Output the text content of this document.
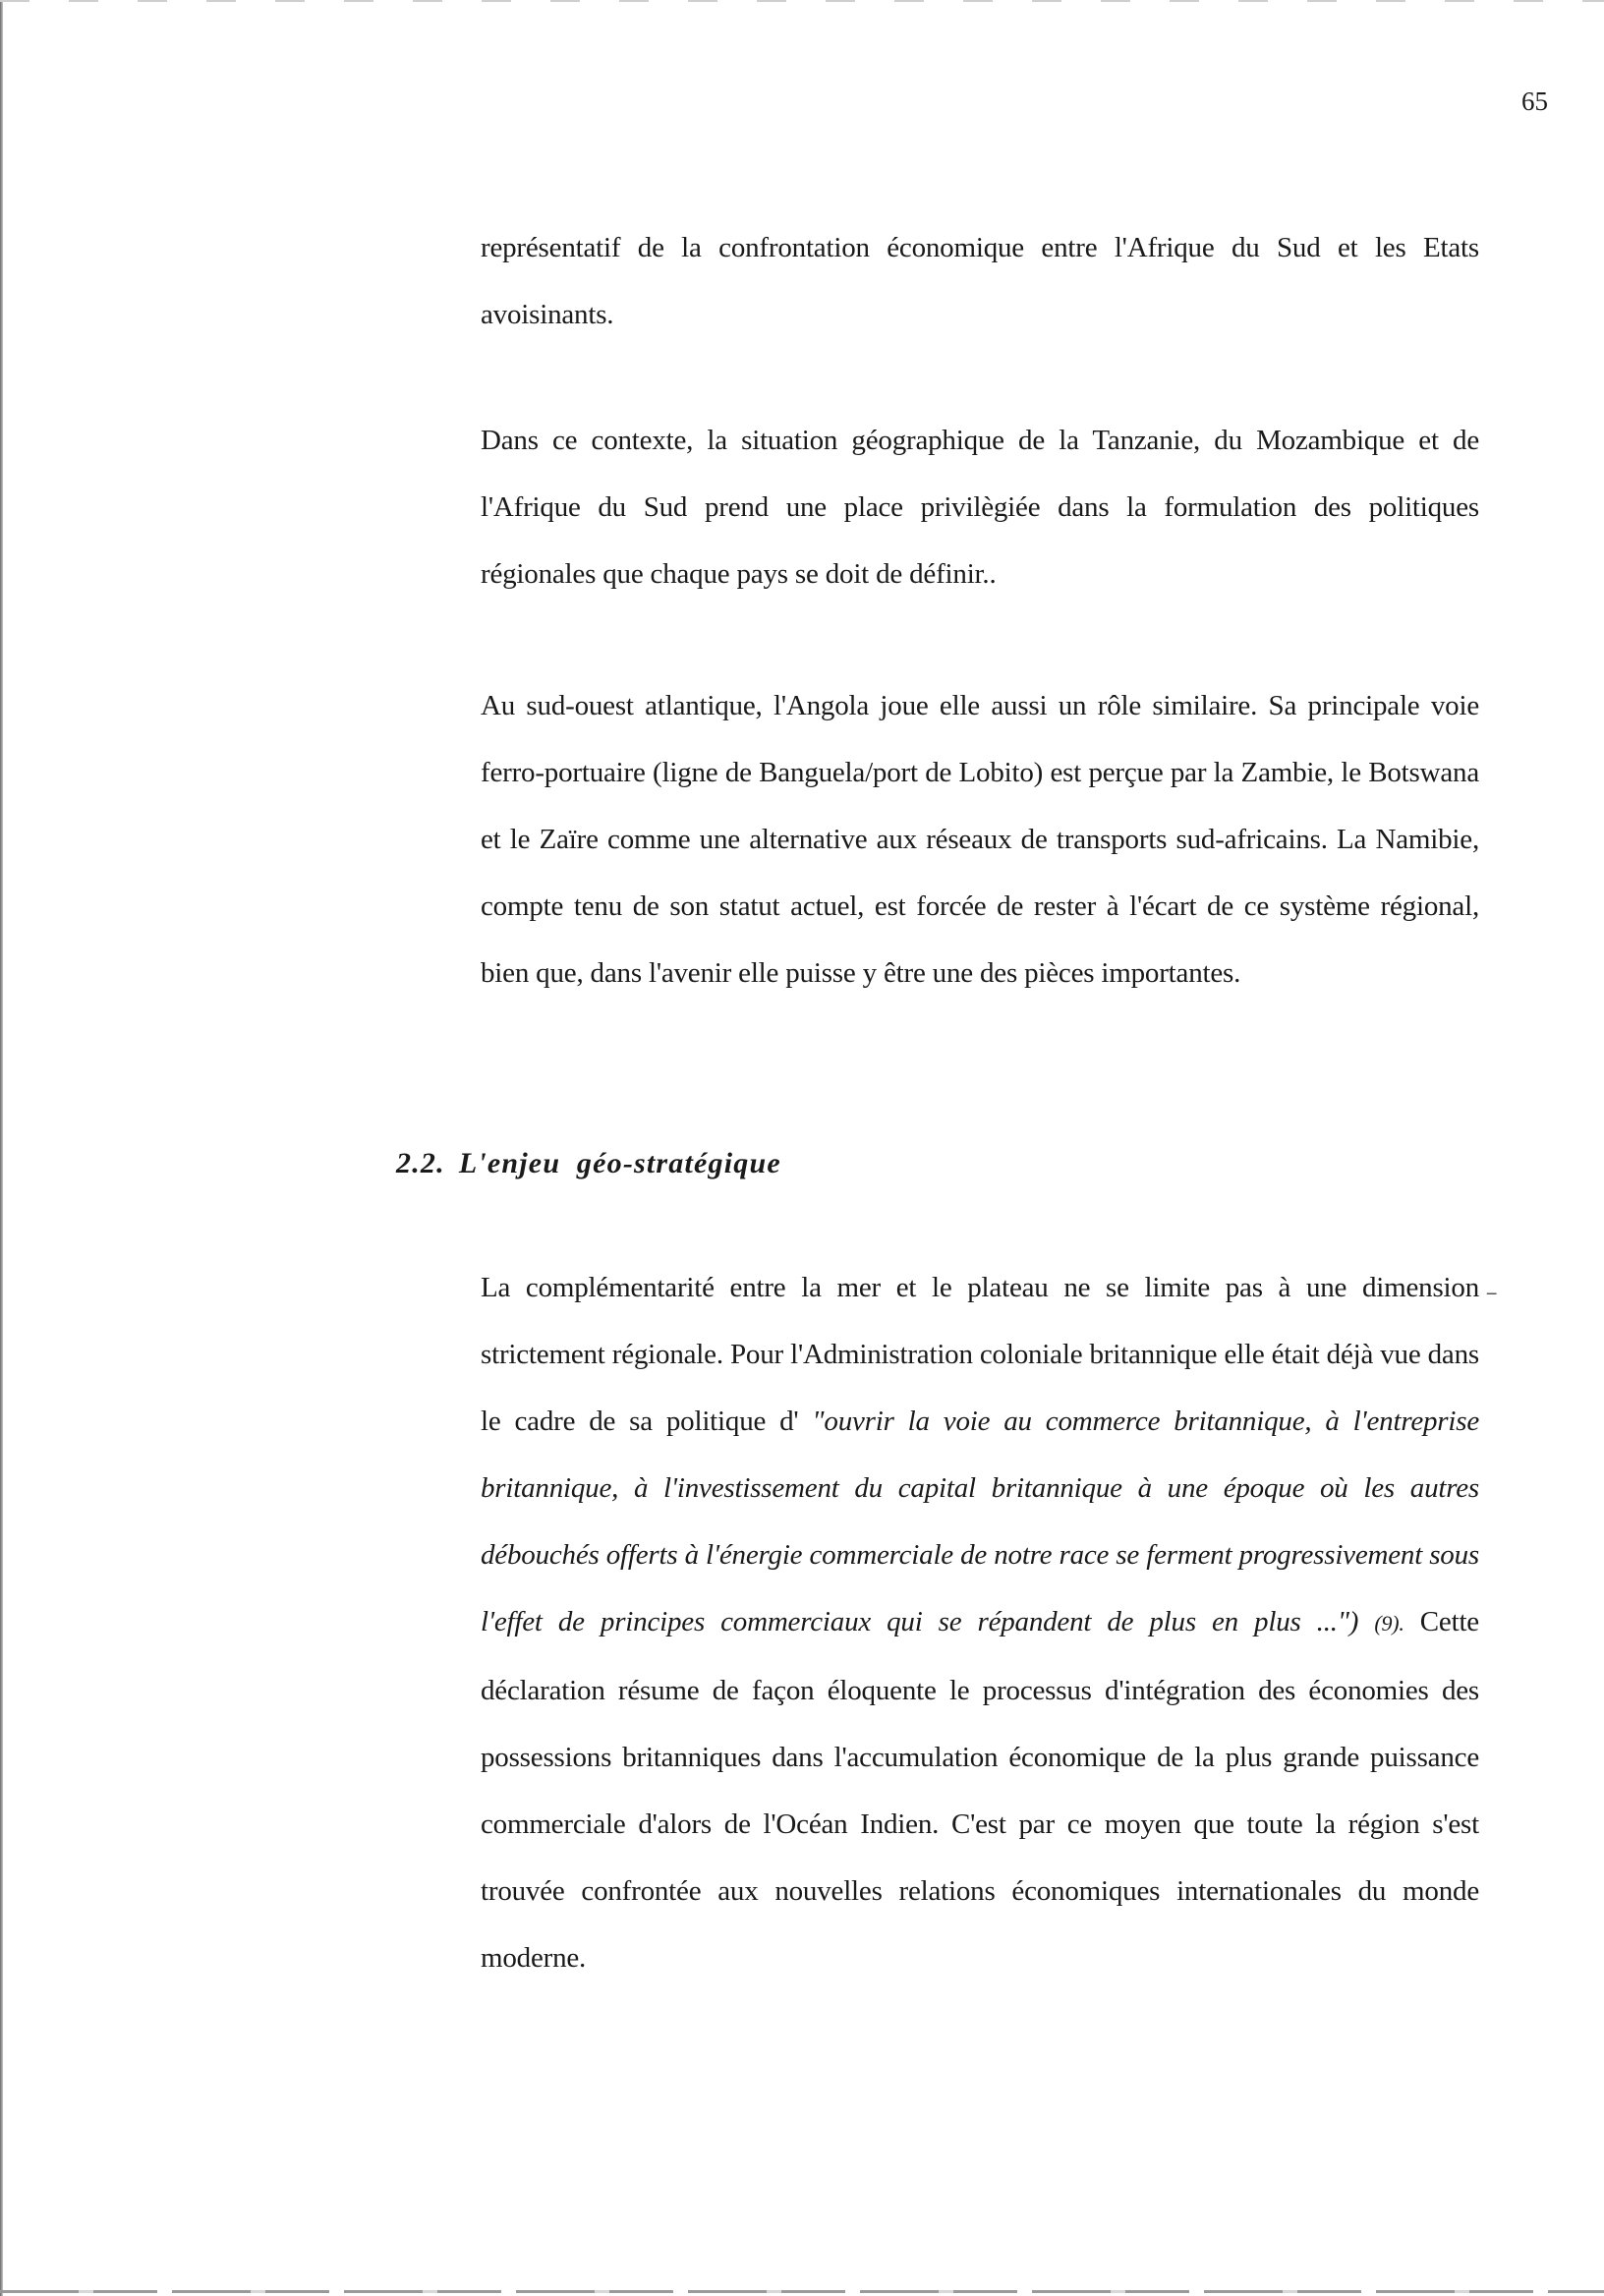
65

représentatif de la confrontation économique entre l'Afrique du Sud et les Etats avoisinants.

Dans ce contexte, la situation géographique de la Tanzanie, du Mozambique et de l'Afrique du Sud prend une place privilègiée dans la formulation des politiques régionales que chaque pays se doit de définir..

Au sud-ouest atlantique, l'Angola joue elle aussi un rôle similaire. Sa principale voie ferro-portuaire (ligne de Banguela/port de Lobito) est perçue par la Zambie, le Botswana et le Zaïre comme une alternative aux réseaux de transports sud-africains. La Namibie, compte tenu de son statut actuel, est forcée de rester à l'écart de ce système régional, bien que, dans l'avenir elle puisse y être une des pièces importantes.

2.2. L'enjeu géo-stratégique

La complémentarité entre la mer et le plateau ne se limite pas à une dimension strictement régionale. Pour l'Administration coloniale britannique elle était déjà vue dans le cadre de sa politique d' "ouvrir la voie au commerce britannique, à l'entreprise britannique, à l'investissement du capital britannique à une époque où les autres débouchés offerts à l'énergie commerciale de notre race se ferment progressivement sous l'effet de principes commerciaux qui se répandent de plus en plus ...") (9). Cette déclaration résume de façon éloquente le processus d'intégration des économies des possessions britanniques dans l'accumulation économique de la plus grande puissance commerciale d'alors de l'Océan Indien. C'est par ce moyen que toute la région s'est trouvée confrontée aux nouvelles relations économiques internationales du monde moderne.

--
